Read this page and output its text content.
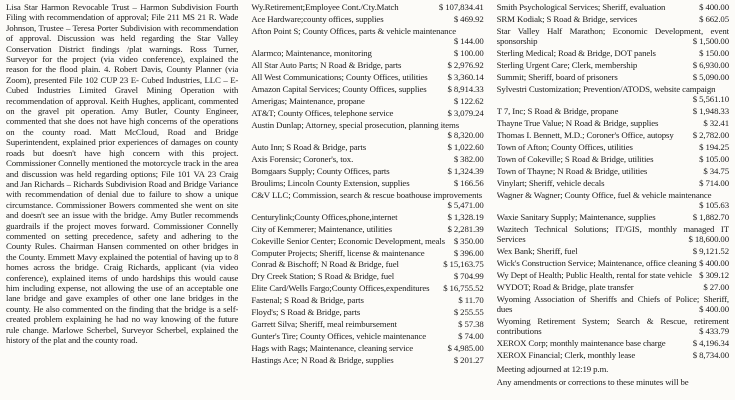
Lisa Star Harmon Revocable Trust – Harmon Subdivision Fourth Filing with recommendation of approval; File 211 MS 21 R. Wade Johnson, Trustee – Teresa Porter Subdivision with recommendation of approval. Discussion was held regarding the Star Valley Conservation District findings /plat warnings. Ross Turner, Surveyor for the project (via video conference), explained the reason for the flood plain. 4. Robert Davis, County Planner (via Zoom), presented File 102 CUP 23 E- Cubed Industries, LLC – E-Cubed Industries Limited Gravel Mining Operation with recommendation of approval. Keith Hughes, applicant, commented on the gravel pit operation. Amy Butler, County Engineer, commented that she does not have high concerns of the operations on the county road. Matt McCloud, Road and Bridge Superintendent, explained prior experiences of damages on county roads but doesn't have high concern with this project. Commissioner Connelly mentioned the motorcycle track in the area and discussion was held regarding options; File 101 VA 23 Craig and Jan Richards – Richards Subdivision Road and Bridge Variance with recommendation of denial due to failure to show a unique circumstance. Commissioner Bowers commented she went on site and doesn't see an issue with the bridge. Amy Butler recommends guardrails if the project moves forward. Commissioner Connelly commented on setting precedence, safety and adhering to the County Rules. Chairman Hansen commented on other bridges in the County. Emmett Mavy explained the potential of having up to 8 homes across the bridge. Craig Richards, applicant (via video conference), explained items of undo hardships this would cause him including expense, not allowing the use of an acceptable one lane bridge and gave examples of other one lane bridges in the county. He also commented on the finding that the bridge is a self-created problem explaining he had no way knowing of the future rule change. Marlowe Scherbel, Surveyor Scherbel, explained the history of the plat and the county road.

Wy.Retirement;Employee Cont./Cty.Match	$ 107,834.41
Ace Hardware;county offices, supplies	$ 469.92
Afton Point S; County Offices, parts & vehicle maintenance
$ 144.00
Alarmco; Maintenance, monitoring	$ 100.00
All Star Auto Parts; N Road & Bridge, parts	$ 2,976.92
All West Communications; County Offices, utilities $ 3,360.14
Amazon Capital Services; County Offices, supplies $ 8,914.33
Amerigas; Maintenance, propane	$ 122.62
AT&T; County Offices, telephone service	$ 3,079.24
Austin Dunlap; Attorney, special prosecution, planning items
$ 8,320.00
Auto Inn; S Road & Bridge, parts	$ 1,022.60
Axis Forensic; Coroner's, tox.	$ 382.00
Bomgaars Supply; County Offices, parts	$ 1,324.39
Broulims; Lincoln County Extension, supplies	$ 166.56
C&V LLC; Commission, search & rescue boathouse improvements
$ 5,471.00
Centurylink;County Offices,phone,internet	$ 1,328.19
City of Kemmerer; Maintenance, utilities	$ 2,281.39
Cokeville Senior Center; Economic Development, meals $ 350.00
Computer Projects; Sheriff, license & maintenance	$ 396.00
Conrad & Bischoff; N Road & Bridge, fuel	$ 15,163.75
Dry Creek Station; S Road & Bridge, fuel	$ 704.99
Elite Card/Wells Fargo;County Offices,expenditures $ 16,755.52
Fastenal; S Road & Bridge, parts	$ 11.70
Floyd's; S Road & Bridge, parts	$ 255.55
Garrett Silva; Sheriff, meal reimbursement	$ 57.38
Gunter's Tire; County Offices, vehicle maintenance	$ 74.00
Hags with Rags; Maintenance, cleaning service	$ 4,985.00
Hastings Ace; N Road & Bridge, supplies	$ 201.27
Smith Psychological Services; Sheriff, evaluation	$ 400.00
SRM Kodiak; S Road & Bridge, services	$ 662.05
Star Valley Half Marathon; Economic Development, event sponsorship	$ 1,500.00
Sterling Medical; Road & Bridge, DOT panels	$ 150.00
Sterling Urgent Care; Clerk, membership	$ 6,930.00
Summit; Sheriff, board of prisoners	$ 5,090.00
Sylvestri Customization; Prevention/ATODS, website campaign
$ 5,561.10
T 7, Inc; S Road & Bridge, propane	$ 1,948.33
Thayne True Value; N Road & Bridge, supplies	$ 32.41
Thomas I. Bennett, M.D.; Coroner's Office, autopsy $ 2,782.00
Town of Afton; County Offices, utilities	$ 194.25
Town of Cokeville; S Road & Bridge, utilities	$ 105.00
Town of Thayne; N Road & Bridge, utilities	$ 34.75
Vinylart; Sheriff, vehicle decals	$ 714.00
Wagner & Wagner; County Office, fuel & vehicle maintenance
$ 105.63
Waxie Sanitary Supply; Maintenance, supplies	$ 1,882.70
Wazitech Technical Solutions; IT/GIS, monthly managed IT Services	$ 18,600.00
Wex Bank; Sheriff, fuel	$ 9,121.52
Wick's Construction Service; Maintenance, office cleaning $ 400.00
Wy Dept of Health; Public Health, rental for state vehicle $ 309.12
WYDOT; Road & Bridge, plate transfer	$ 27.00
Wyoming Association of Sheriffs and Chiefs of Police; Sheriff, dues	$ 400.00
Wyoming Retirement System; Search & Rescue, retirement contributions	$ 433.79
XEROX Corp; monthly maintenance base charge	$ 4,196.34
XEROX Financial; Clerk, monthly lease	$ 8,734.00

Meeting adjourned at 12:19 p.m.

Any amendments or corrections to these minutes will be
